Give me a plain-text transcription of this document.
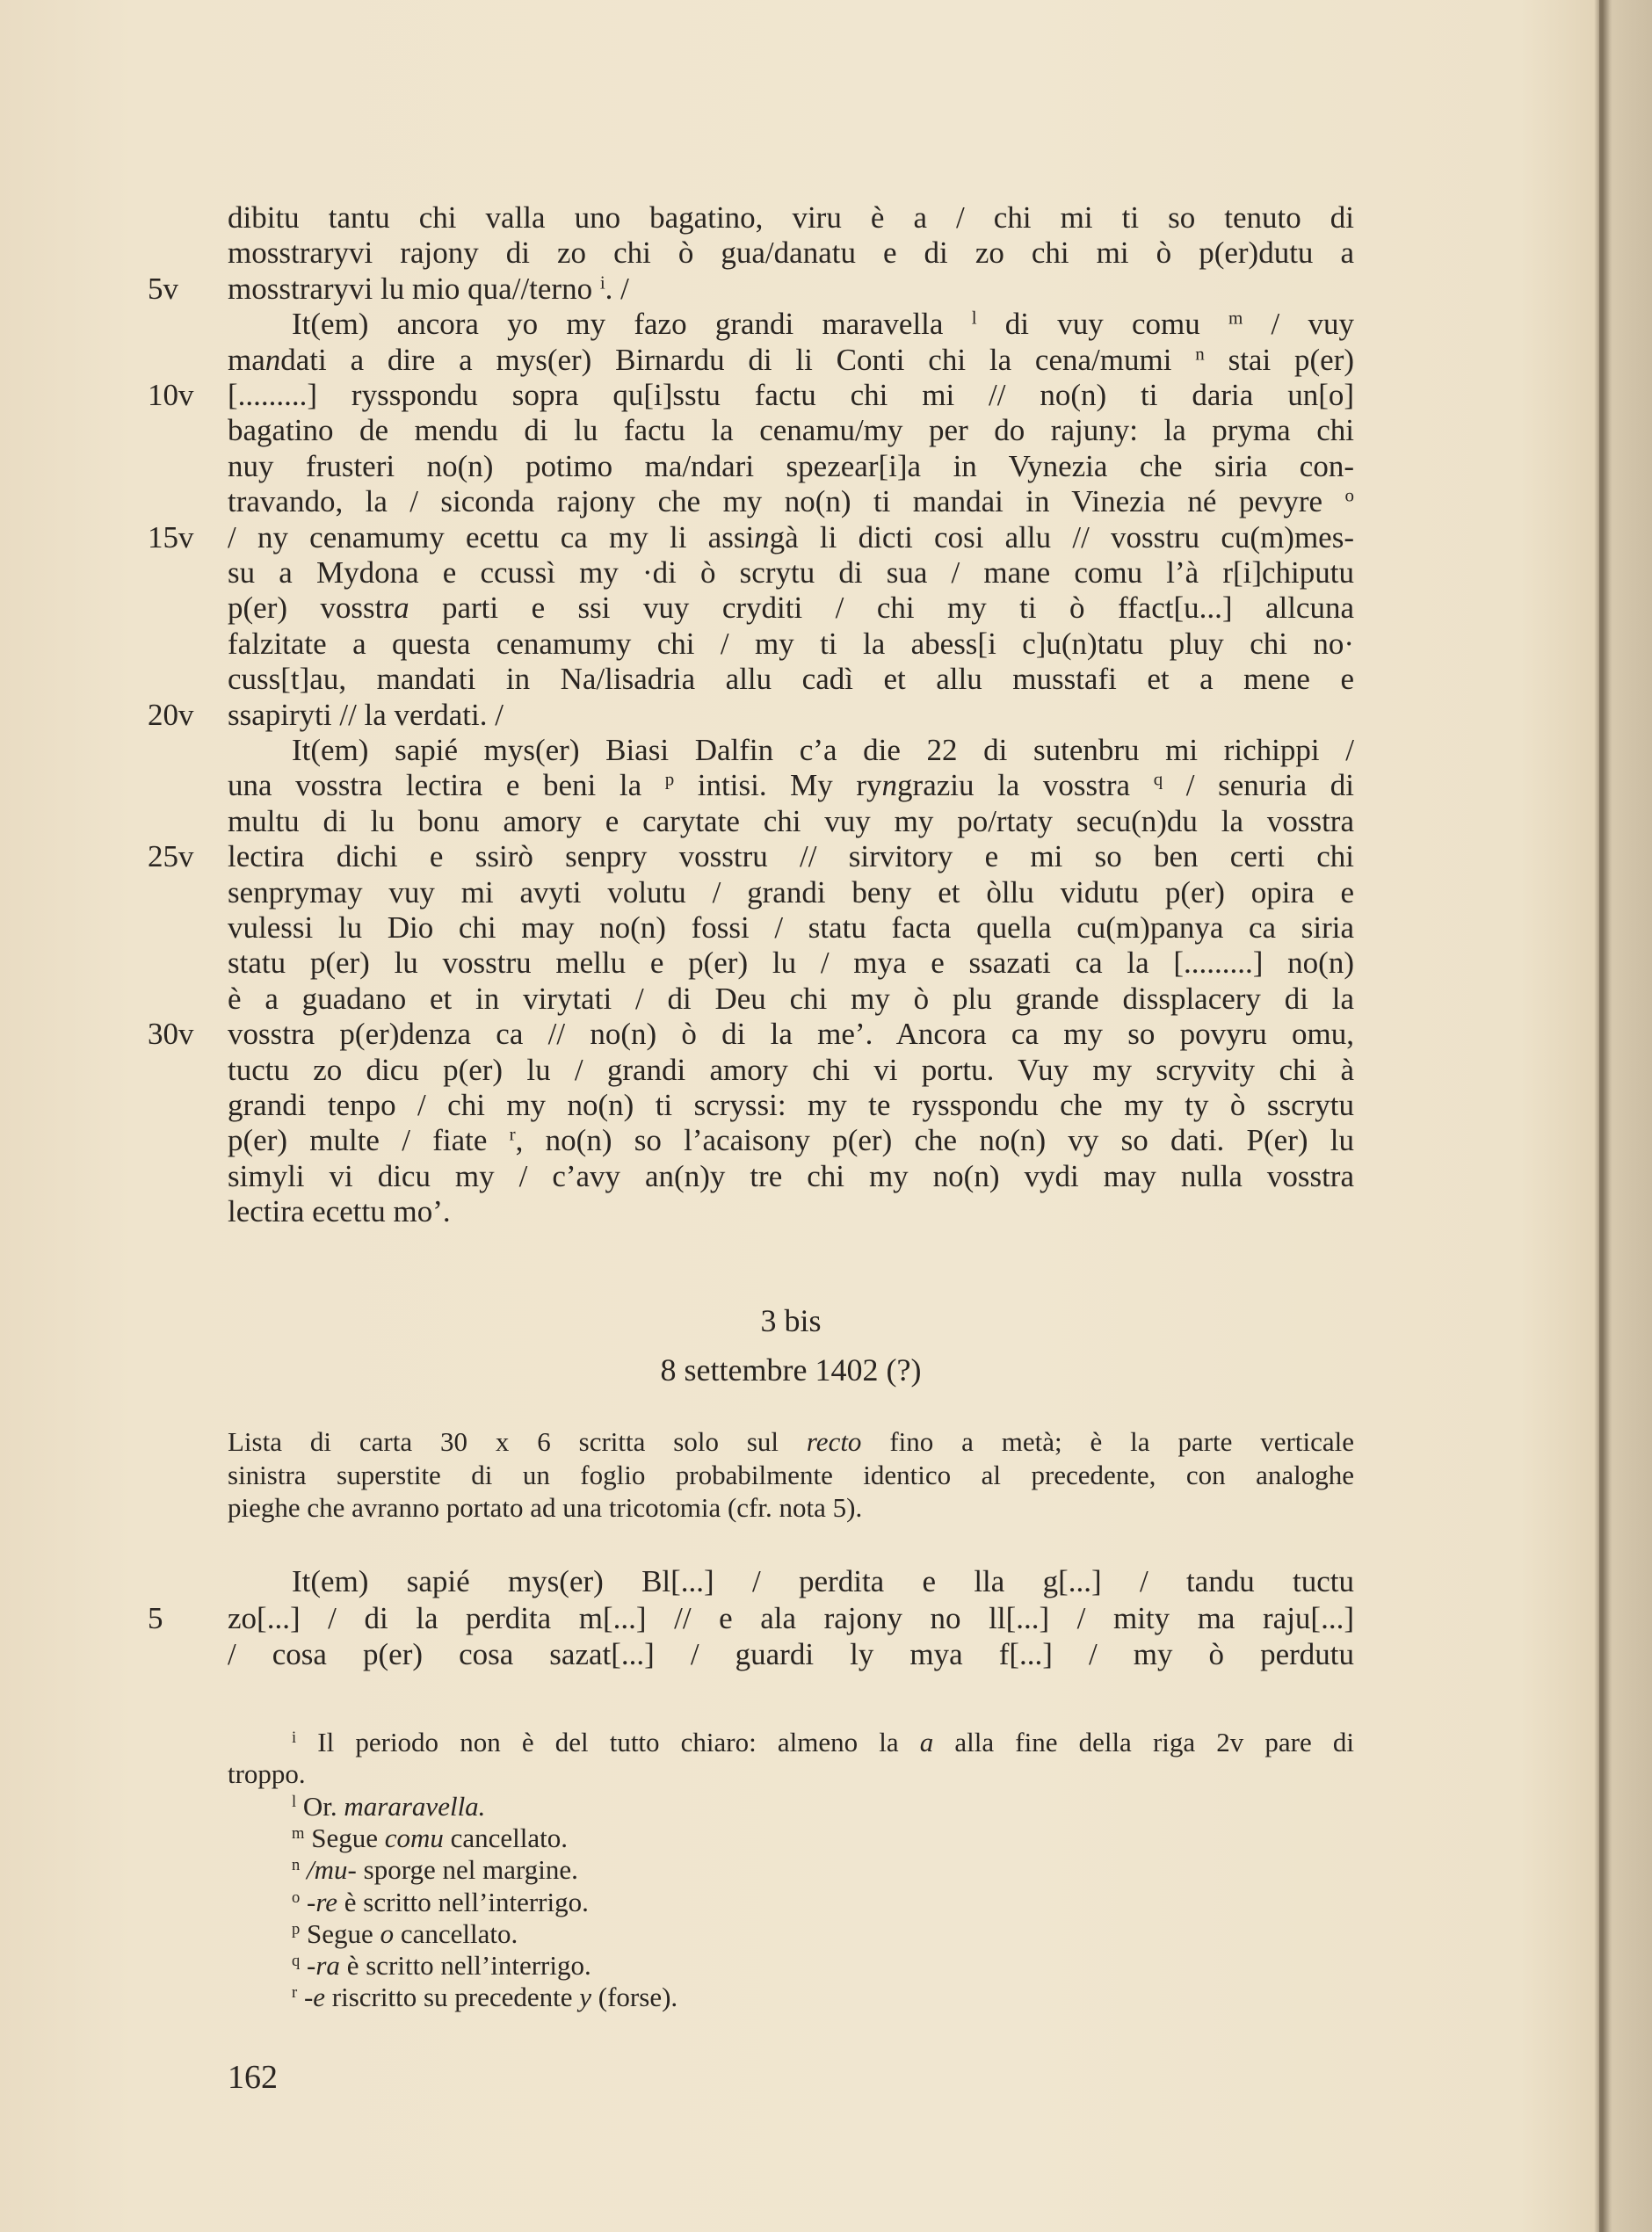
dibitu tantu chi valla uno bagatino, viru è a / chi mi ti so tenuto di
mosstraryvi rajony di zo chi ò gua/danatu e di zo chi mi ò p(er)dutu a
5v	mosstraryvi lu mio qua//terno $^i$. /
It(em) ancora yo my fazo grandi maravella $^l$ di vuy comu $^m$ / vuy
mandati a dire a mys(er) Birnardu di li Conti chi la cena/mumi $^n$ stai p(er)
10v	[.........] rysspondu sopra qu[i]sstu factu chi mi // no(n) ti daria un[o]
bagatino de mendu di lu factu la cenamu/my per do rajuny: la pryma chi
nuy frusteri no(n) potimo ma/ndari spezear[i]a in Vynezia che siria con-
travando, la / siconda rajony che my no(n) ti mandai in Vinezia né pevyre $^o$
15v	/ ny cenamumy ecettu ca my li assingà li dicti cosi allu // vosstru cu(m)mes-
su a Mydona e ccussì my ·di ò scrytu di sua / mane comu l’à r[i]chiputu
p(er) vosstra parti e ssi vuy cryditi / chi my ti ò ffact[u...] allcuna
falzitate a questa cenamumy chi / my ti la abess[i c]u(n)tatu pluy chi no·
cuss[t]au, mandati in Na/lisadria allu cadì et allu musstafi et a mene e
20v	ssapiryti // la verdati. /
It(em) sapié mys(er) Biasi Dalfin c’a die 22 di sutenbru mi richippi /
una vosstra lectira e beni la $^p$ intisi. My ryngraziu la vosstra $^q$ / senuria di
multu di lu bonu amory e carytate chi vuy my po/rtaty secu(n)du la vosstra
25v	lectira dichi e ssirò senpry vosstru // sirvitory e mi so ben certi chi
senprymay vuy mi avyti volutu / grandi beny et òllu vidutu p(er) opira e
vulessi lu Dio chi may no(n) fossi / statu facta quella cu(m)panya ca siria
statu p(er) lu vosstru mellu e p(er) lu / mya e ssazati ca la [.........] no(n)
è a guadano et in virytati / di Deu chi my ò plu grande dissplacery di la
30v	vosstra p(er)denza ca // no(n) ò di la me’. Ancora ca my so povyru omu,
tuctu zo dicu p(er) lu / grandi amory chi vi portu. Vuy my scryvity chi à
grandi tenpo / chi my no(n) ti scryssi: my te rysspondu che my ty ò sscrytu
p(er) multe / fiate $^r$, no(n) so l’acaisony p(er) che no(n) vy so dati. P(er) lu
simyli vi dicu my / c’avy an(n)y tre chi my no(n) vydi may nulla vosstra
lectira ecettu mo’.
3 bis
8 settembre 1402 (?)
Lista di carta 30 x 6 scritta solo sul recto fino a metà; è la parte verticale
sinistra superstite di un foglio probabilmente identico al precedente, con analoghe
pieghe che avranno portato ad una tricotomia (cfr. nota 5).
It(em) sapié mys(er) Bl[...] / perdita e lla g[...] / tandu tuctu
5	zo[...] / di la perdita m[...] // e ala rajony no ll[...] / mity ma raju[...]
/ cosa p(er) cosa sazat[...] / guardi ly mya f[...] / my ò perdutu
$^i$ Il periodo non è del tutto chiaro: almeno la a alla fine della riga 2v pare di
troppo.
$^l$ Or. mararavella.
$^m$ Segue comu cancellato.
$^n$ /mu- sporge nel margine.
$^o$ -re è scritto nell’interrigo.
$^p$ Segue o cancellato.
$^q$ -ra è scritto nell’interrigo.
$^r$ -e riscritto su precedente y (forse).
162
